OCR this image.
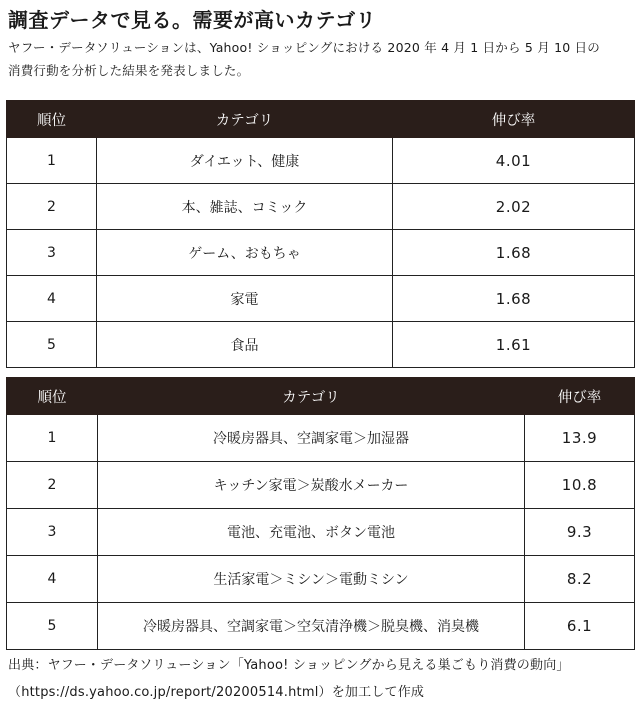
調査データで見る。需要が高いカテゴリ
ヤフー・データソリューションは、Yahoo! ショッピングにおける 2020 年 4 月 1 日から 5 月 10 日の
消費行動を分析した結果を発表しました。
順位	カテゴリ	伸び率
1	ダイエット、健康	4.01
2	本、雑誌、コミック	2.02
3	ゲーム、おもちゃ	1.68
4	家電	1.68
5	食品	1.61
順位	カテゴリ	伸び率
1	冷暖房器具、空調家電＞加湿器	13.9
2	キッチン家電＞炭酸水メーカー	10.8
3	電池、充電池、ボタン電池	9.3
4	生活家電＞ミシン＞電動ミシン	8.2
5	冷暖房器具、空調家電＞空気清浄機＞脱臭機、消臭機	6.1
出典：ヤフー・データソリューション「Yahoo! ショッピングから見える巣ごもり消費の動向」
（https://ds.yahoo.co.jp/report/20200514.html）を加工して作成
